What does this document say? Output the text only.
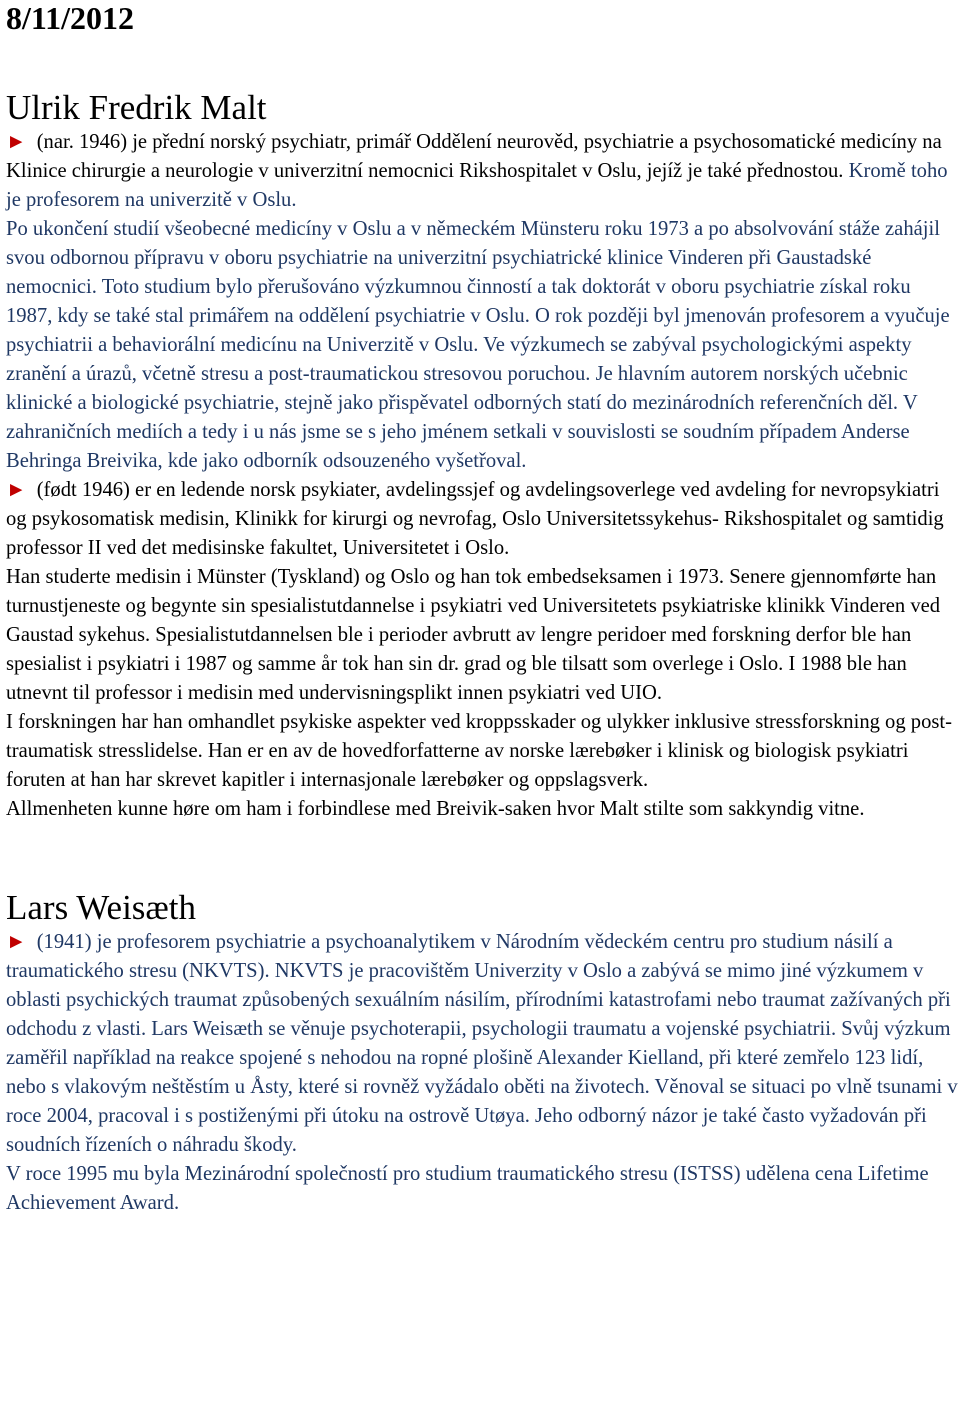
8/11/2012
Ulrik Fredrik Malt

► (nar. 1946) je přední norský psychiatr, primář Oddělení neurověd, psychiatrie a psychosomatické medicíny na Klinice chirurgie a neurologie v univerzitní nemocnici Rikshospitalet v Oslu, jejíž je také přednostou. Kromě toho je profesorem na univerzitě v Oslu.

Po ukončení studií všeobecné medicíny v Oslu a v německém Münsteru roku 1973 a po absolvování stáže zahájil svou odbornou přípravu v oboru psychiatrie na univerzitní psychiatrické klinice Vinderen při Gaustadské nemocnici. Toto studium bylo přerušováno výzkumnou činností a tak doktorát v oboru psychiatrie získal roku 1987, kdy se také stal primářem na oddělení psychiatrie v Oslu. O rok později byl jmenován profesorem a vyučuje psychiatrii a behaviorální medicínu na Univerzitě v Oslu. Ve výzkumech se zabýval psychologickými aspekty zranění a úrazů, včetně stresu a post-traumatickou stresovou poruchou. Je hlavním autorem norských učebnic klinické a biologické psychiatrie, stejně jako přispěvatel odborných statí do mezinárodních referenčních děl. V zahraničních mediích a tedy i u nás jsme se s jeho jménem setkali v souvislosti se soudním případem Anderse Behringa Breivika, kde jako odborník odsouzeného vyšetřoval.

► (født 1946) er en ledende norsk psykiater, avdelingssjef og avdelingsoverlege ved avdeling for nevropsykiatri og psykosomatisk medisin, Klinikk for kirurgi og nevrofag, Oslo Universitetssykehus- Rikshospitalet og samtidig professor II ved det medisinske fakultet, Universitetet i Oslo.

Han studerte medisin i Münster (Tyskland) og Oslo og han tok embedseksamen i 1973. Senere gjennomførte han turnustjeneste og begynte sin spesialistutdannelse i psykiatri ved Universitetets psykiatriske klinikk Vinderen ved Gaustad sykehus. Spesialistutdannelsen ble i perioder avbrutt av lengre peridoer med forskning derfor ble han spesialist i psykiatri i 1987 og samme år tok han sin dr. grad og ble tilsatt som overlege i Oslo. I 1988 ble han utnevnt til professor i medisin med undervisningsplikt innen psykiatri ved UIO.

I forskningen har han omhandlet psykiske aspekter ved kroppsskader og ulykker inklusive stressforskning og post-traumatisk stresslidelse. Han er en av de hovedforfatterne av norske lærebøker i klinisk og biologisk psykiatri foruten at han har skrevet kapitler i internasjonale lærebøker og oppslagsverk.

Allmenheten kunne høre om ham i forbindlese med Breivik-saken hvor Malt stilte som sakkyndig vitne.

Lars Weisæth

► (1941) je profesorem psychiatrie a psychoanalytikem v Národním vědeckém centru pro studium násilí a traumatického stresu (NKVTS). NKVTS je pracovištěm Univerzity v Oslo a zabývá se mimo jiné výzkumem v oblasti psychických traumat způsobených sexuálním násilím, přírodními katastrofami nebo traumat zažívaných při odchodu z vlasti. Lars Weisæth se věnuje psychoterapii, psychologii traumatu a vojenské psychiatrii. Svůj výzkum zaměřil například na reakce spojené s nehodou na ropné plošině Alexander Kielland, při které zemřelo 123 lidí, nebo s vlakovým neštěstím u Åsty, které si rovněž vyžádalo oběti na životech. Věnoval se situaci po vlně tsunami v roce 2004, pracoval i s postiženými při útoku na ostrově Utøya. Jeho odborný názor je také často vyžadován při soudních řízeních o náhradu škody.

V roce 1995 mu byla Mezinárodní společností pro studium traumatického stresu (ISTSS) udělena cena Lifetime Achievement Award.
